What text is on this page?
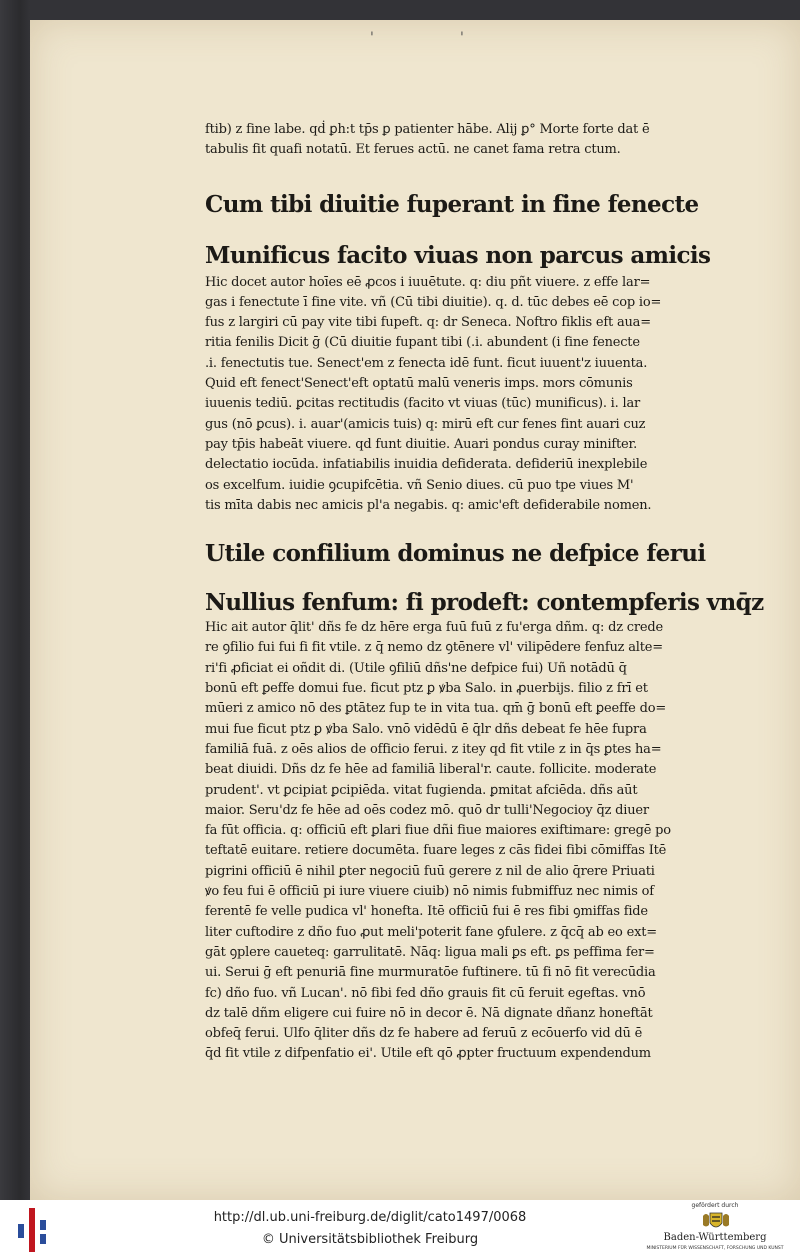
'	'
ftib) z fine labe. qḋ ꝑh:t tp̄s ꝑ patienter hābe. Alij ꝑ° Morte forte dat ē
tabulis fit quafi notatū. Et ferues actū. ne canet fama retra ctum.
Cum tibi diuitie fuperant in fine fenecte
Munificus facito viuas non parcus amicis
Hic docet autor hoīes eē ꝓcos i iuuētute. q: diu pñt viuere. z effe lar=
gas i fenectute ī fine vite. vñ (Cū tibi diuitie). q. d. tūc debes eē cop io=
fus z largiri cū pay vite tibi fupeft. q: dr Seneca. Noftro fiklis eft aua=
ritia fenilis Dicit ḡ (Cū diuitie fupant tibi (.i. abundent (i fine fenecte
.i. fenectutis tue. Senect'em z fenecta idē funt. ficut iuuent'z iuuenta.
Quid eft fenect'Senect'eft optatū malū veneris imps. mors cōmunis
iuuenis tediū. ꝑcitas rectitudis (facito vt viuas (tūc) munificus). i. lar
gus (nō ꝑcus). i. auar'(amicis tuis) q: mirū eft cur fenes fint auari cuz
pay tp̄is habeāt viuere. qd funt diuitie. Auari pondus curay minifter.
delectatio iocūda. infatiabilis inuidia defiderata. defideriū inexplebile
os excelfum. iuidie ꝯcupifcētia. vñ Senio diues. cū puo tpe viues M'
tis mīta dabis nec amicis pl'a negabis. q: amic'eft defiderabile nomen.
Utile confilium dominus ne defpice ferui
Nullius fenfum: fi prodeft: contempferis vnq̄z
Hic ait autor q̄lit' dñs fe dz hēre erga fuū fuū z fu'erga dñm. q: dz crede
re ꝯfilio fui fui fi fit vtile. z q̄ nemo dz ꝯtēnere vl' vilipēdere fenfuz alte=
ri'fi ꝓficiat ei oñdit di. (Utile ꝯfiliū dñs'ne defpice fui) Uñ notādū q̄
bonū eft ꝑeffe domui fue. ficut ptz ꝑ ꝟba Salo. in ꝓuerbijs. filio z frī et
mūeri z amico nō des ꝑtātez fup te in vita tua. qm̄ ḡ bonū eft ꝑeeffe do=
mui fue ficut ptz ꝑ ꝟba Salo. vnō vidēdū ē q̄lr dñs debeat fe hēe fupra
familiā fuā. z oēs alios de officio ferui. z itey qd fit vtile z in q̄s ꝑtes ha=
beat diuidi. Dñs dz fe hēe ad familiā liberal'r. caute. follicite. moderate
prudent'. vt ꝑcipiat ꝑcipiēda. vitat fugienda. ꝑmitat afciēda. dñs aūt
maior. Seru'dz fe hēe ad oēs codez mō. quō dr tulli'Negocioy q̄z diuer
fa fūt officia. q: officiū eft ꝑlari fiue dñi fiue maiores exiftimare: gregē po
teftatē euitare. retiere documēta. fuare leges z cās fidei fibi cōmiffas Itē
pigrini officiū ē nihil ꝑter negociū fuū gerere z nil de alio q̄rere Priuati
ꝟo feu fui ē officiū pi iure viuere ciuib) nō nimis fubmiffuz nec nimis of
ferentē fe velle pudica vl' honefta. Itē officiū fui ē res fibi ꝯmiffas fide
liter cuftodire z dño fuo ꝓut meli'poterit fane ꝯfulere. z q̄cq̄ ab eo ext=
gāt ꝯplere caueteq: garrulitatē. Nāq: ligua mali ꝑs eft. ꝑs peffima fer=
ui. Serui ḡ eft penuriā fine murmuratōe fuftinere. tū fi nō fit verecūdia
fc) dño fuo. vñ Lucan'. nō fibi fed dño grauis fit cū feruit egeftas. vnō
dz talē dñm eligere cui fuire nō in decor ē. Nā dignate dñanz honeftāt
obfeq̄ ferui. Ulfo q̄liter dñs dz fe habere ad feruū z ecōuerfo vid dū ē
q̄d fit vtile z difpenfatio ei'. Utile eft qō ꝓpter fructuum expendendum
http://dl.ub.uni-freiburg.de/diglit/cato1497/0068
© Universitätsbibliothek Freiburg
gefördert durch
Baden-Württemberg
MINISTERIUM FÜR WISSENSCHAFT, FORSCHUNG UND KUNST
